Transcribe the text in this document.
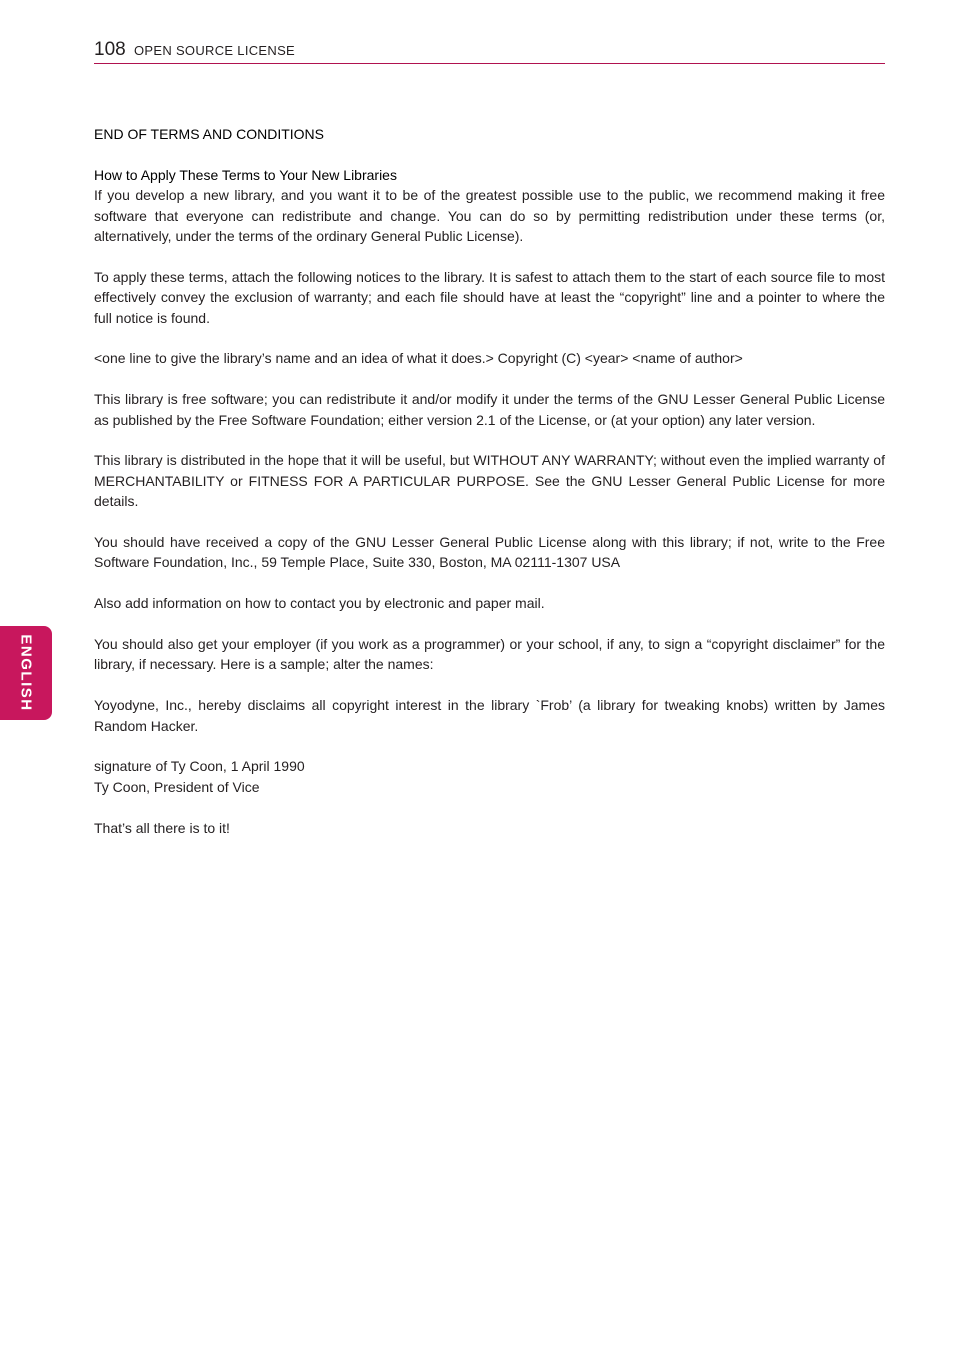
108 OPEN SOURCE LICENSE
ENGLISH

END OF TERMS AND CONDITIONS

How to Apply These Terms to Your New Libraries

If you develop a new library, and you want it to be of the greatest possible use to the public, we recommend making it free software that everyone can redistribute and change. You can do so by permitting redistribution under these terms (or, alternatively, under the terms of the ordinary General Public License).

To apply these terms, attach the following notices to the library. It is safest to attach them to the start of each source file to most effectively convey the exclusion of warranty; and each file should have at least the “copyright” line and a pointer to where the full notice is found.

<one line to give the library’s name and an idea of what it does.> Copyright (C) <year> <name of author>

This library is free software; you can redistribute it and/or modify it under the terms of the GNU Lesser General Public License as published by the Free Software Foundation; either version 2.1 of the License, or (at your option) any later version.

This library is distributed in the hope that it will be useful, but WITHOUT ANY WARRANTY; without even the implied warranty of MERCHANTABILITY or FITNESS FOR A PARTICULAR PURPOSE. See the GNU Lesser General Public License for more details.

You should have received a copy of the GNU Lesser General Public License along with this library; if not, write to the Free Software Foundation, Inc., 59 Temple Place, Suite 330, Boston, MA 02111-1307 USA

Also add information on how to contact you by electronic and paper mail.

You should also get your employer (if you work as a programmer) or your school, if any, to sign a “copyright disclaimer” for the library, if necessary. Here is a sample; alter the names:

Yoyodyne, Inc., hereby disclaims all copyright interest in the library `Frob’ (a library for tweaking knobs) written by James Random Hacker.

signature of Ty Coon, 1 April 1990

Ty Coon, President of Vice

That’s all there is to it!
